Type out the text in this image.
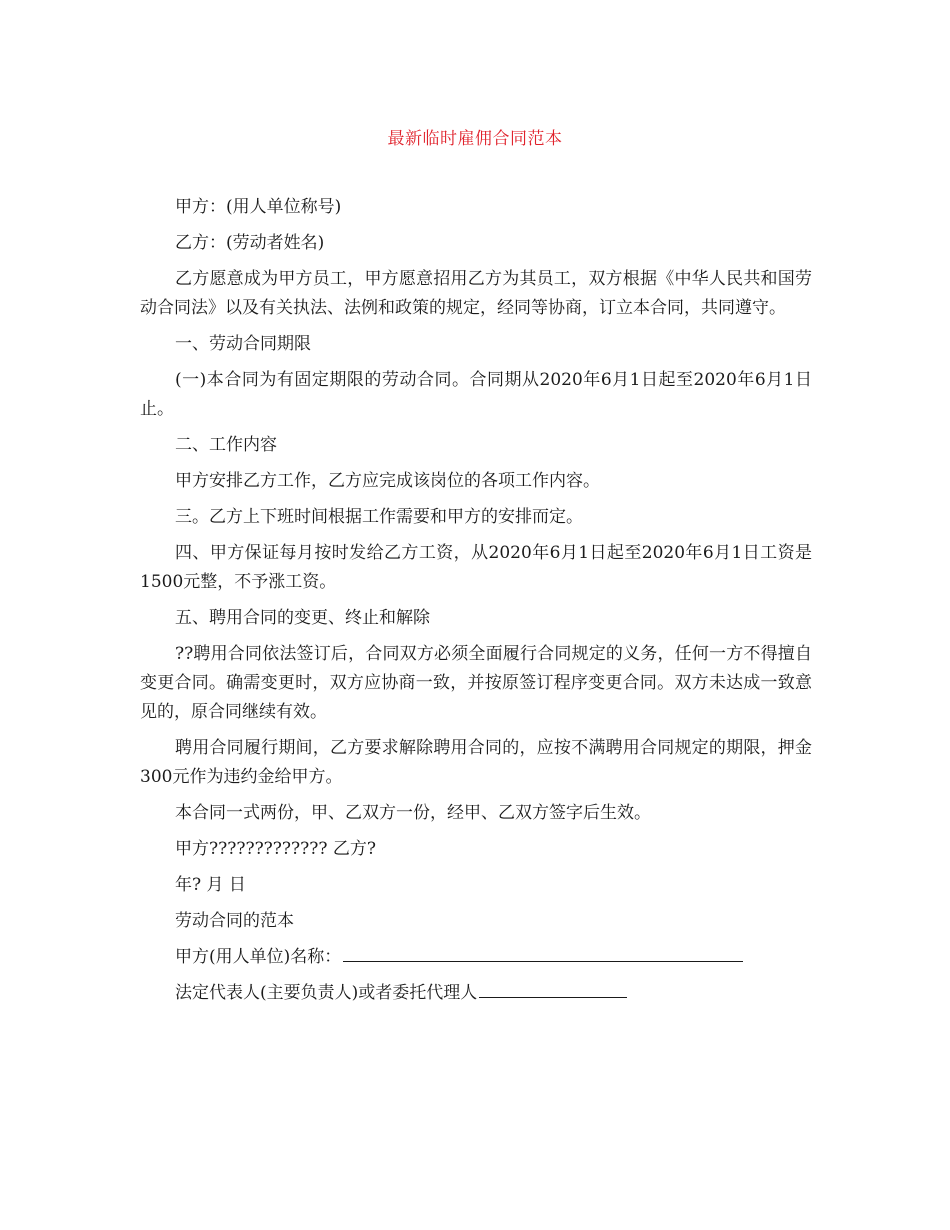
最新临时雇佣合同范本

甲方：(用人单位称号)

乙方：(劳动者姓名)

乙方愿意成为甲方员工，甲方愿意招用乙方为其员工，双方根据《中华人民共和国劳动合同法》以及有关执法、法例和政策的规定，经同等协商，订立本合同，共同遵守。

一、劳动合同期限

(一)本合同为有固定期限的劳动合同。合同期从2020年6月1日起至2020年6月1日止。

二、工作内容

甲方安排乙方工作，乙方应完成该岗位的各项工作内容。

三。乙方上下班时间根据工作需要和甲方的安排而定。

四、甲方保证每月按时发给乙方工资，从2020年6月1日起至2020年6月1日工资是1500元整，不予涨工资。

五、聘用合同的变更、终止和解除

??聘用合同依法签订后，合同双方必须全面履行合同规定的义务，任何一方不得擅自变更合同。确需变更时，双方应协商一致，并按原签订程序变更合同。双方未达成一致意见的，原合同继续有效。

聘用合同履行期间，乙方要求解除聘用合同的，应按不满聘用合同规定的期限，押金300元作为违约金给甲方。

本合同一式两份，甲、乙双方一份，经甲、乙双方签字后生效。

甲方????????????? 乙方?

年? 月 日

劳动合同的范本

甲方(用人单位)名称：

法定代表人(主要负责人)或者委托代理人
